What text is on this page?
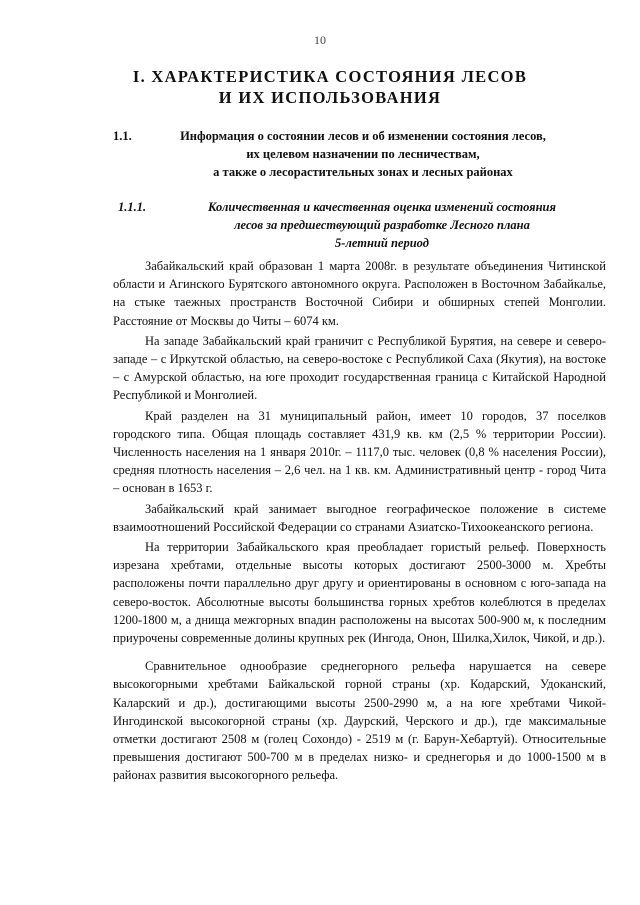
10
I. ХАРАКТЕРИСТИКА СОСТОЯНИЯ ЛЕСОВ
И ИХ ИСПОЛЬЗОВАНИЯ
1.1.	Информация о состоянии лесов и об изменении состояния лесов,
их целевом назначении по лесничествам,
а также о лесорастительных зонах и лесных районах
1.1.1.	Количественная и качественная оценка изменений состояния
лесов за предшествующий разработке Лесного плана
5-летний период

Забайкальский край образован 1 марта 2008г. в результате объединения Читинской области и Агинского Бурятского автономного округа. Расположен в Восточном Забайкалье, на стыке таежных пространств Восточной Сибири и обширных степей Монголии. Расстояние от Москвы до Читы – 6074 км.

На западе Забайкальский край граничит с Республикой Бурятия, на севере и северо-западе – с Иркутской областью, на северо-востоке с Республикой Саха (Якутия), на востоке – с Амурской областью, на юге проходит государственная граница с Китайской Народной Республикой и Монголией.

Край разделен на 31 муниципальный район, имеет 10 городов, 37 поселков городского типа. Общая площадь составляет 431,9 кв. км (2,5 % территории России). Численность населения на 1 января 2010г. – 1117,0 тыс. человек (0,8 % населения России), средняя плотность населения – 2,6 чел. на 1 кв. км. Административный центр - город Чита – основан в 1653 г.

Забайкальский край занимает выгодное географическое положение в системе взаимоотношений Российской Федерации со странами Азиатско-Тихоокеанского региона.

На территории Забайкальского края преобладает гористый рельеф. Поверхность изрезана хребтами, отдельные высоты которых достигают 2500-3000 м. Хребты расположены почти параллельно друг другу и ориентированы в основном с юго-запада на северо-восток. Абсолютные высоты большинства горных хребтов колеблются в пределах 1200-1800 м, а днища межгорных впадин расположены на высотах 500-900 м, к последним приурочены современные долины крупных рек (Ингода, Онон, Шилка,Хилок, Чикой, и др.).

Сравнительное однообразие среднегорного рельефа нарушается на севере высокогорными хребтами Байкальской горной страны (хр. Кодарский, Удоканский, Каларский и др.), достигающими высоты 2500-2990 м, а на юге хребтами Чикой-Ингодинской высокогорной страны (хр. Даурский, Черского и др.), где максимальные отметки достигают 2508 м (голец Сохондо) - 2519 м (г. Барун-Хебартуй). Относительные превышения достигают 500-700 м в пределах низко- и среднегорья и до 1000-1500 м в районах развития высокогорного рельефа.
